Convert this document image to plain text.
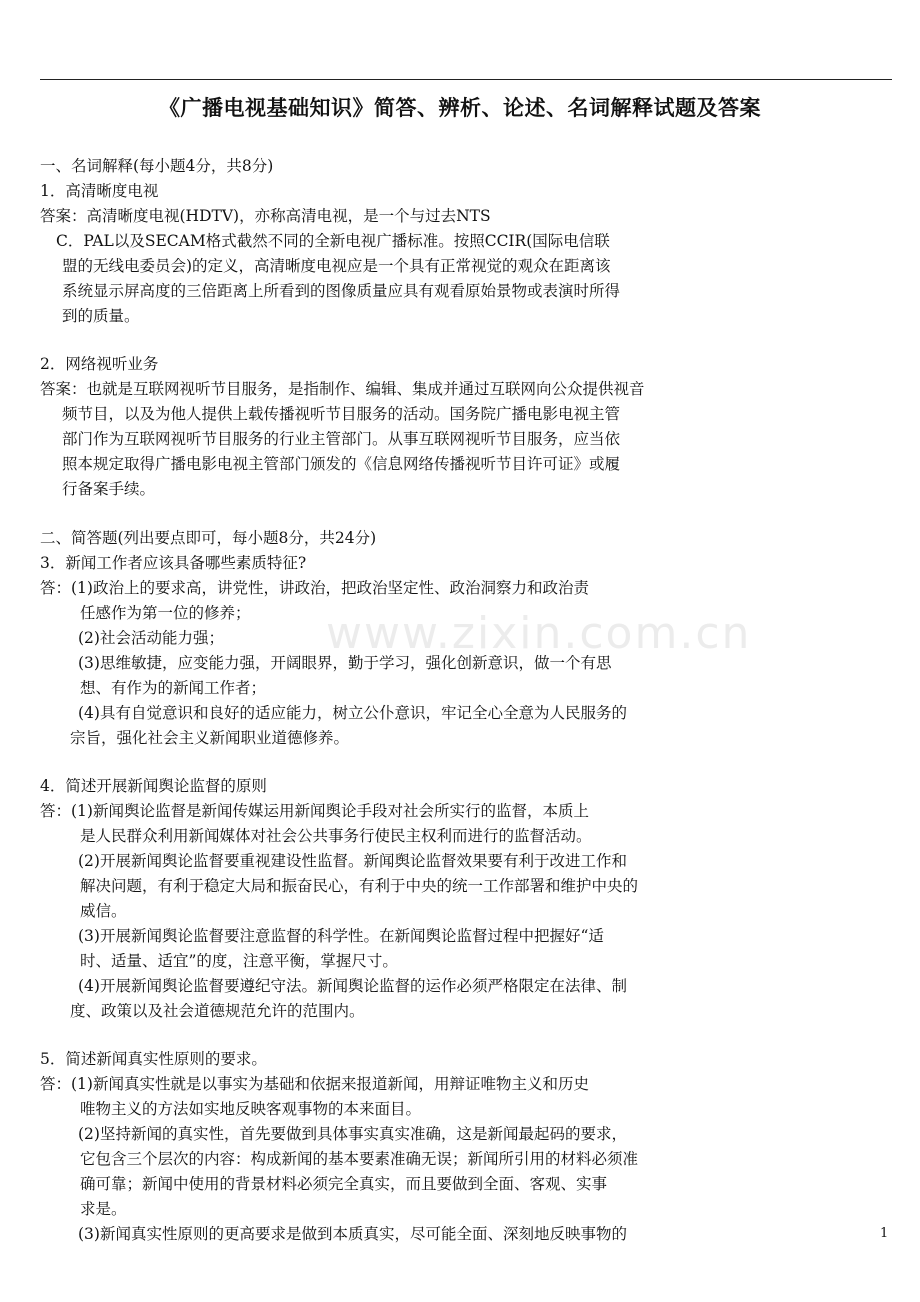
《广播电视基础知识》简答、辨析、论述、名词解释试题及答案
www.zixin.com.cn
一、名词解释(每小题4分，共8分)
1．高清晰度电视
答案：高清晰度电视(HDTV)，亦称高清电视，是一个与过去NTS
C．PAL以及SECAM格式截然不同的全新电视广播标准。按照CCIR(国际电信联
盟的无线电委员会)的定义，高清晰度电视应是一个具有正常视觉的观众在距离该
系统显示屏高度的三倍距离上所看到的图像质量应具有观看原始景物或表演时所得
到的质量。
2．网络视听业务
答案：也就是互联网视听节目服务，是指制作、编辑、集成并通过互联网向公众提供视音
频节目，以及为他人提供上载传播视听节目服务的活动。国务院广播电影电视主管
部门作为互联网视听节目服务的行业主管部门。从事互联网视听节目服务，应当依
照本规定取得广播电影电视主管部门颁发的《信息网络传播视听节目许可证》或履
行备案手续。
二、简答题(列出要点即可，每小题8分，共24分)
3．新闻工作者应该具备哪些素质特征?
答：(1)政治上的要求高，讲党性，讲政治，把政治坚定性、政治洞察力和政治责
任感作为第一位的修养；
(2)社会活动能力强；
(3)思维敏捷，应变能力强，开阔眼界，勤于学习，强化创新意识，做一个有思
想、有作为的新闻工作者；
(4)具有自觉意识和良好的适应能力，树立公仆意识，牢记全心全意为人民服务的
宗旨，强化社会主义新闻职业道德修养。
4．简述开展新闻舆论监督的原则
答：(1)新闻舆论监督是新闻传媒运用新闻舆论手段对社会所实行的监督，本质上
是人民群众利用新闻媒体对社会公共事务行使民主权利而进行的监督活动。
(2)开展新闻舆论监督要重视建设性监督。新闻舆论监督效果要有利于改进工作和
解决问题，有利于稳定大局和振奋民心，有利于中央的统一工作部署和维护中央的
威信。
(3)开展新闻舆论监督要注意监督的科学性。在新闻舆论监督过程中把握好“适
时、适量、适宜”的度，注意平衡，掌握尺寸。
(4)开展新闻舆论监督要遵纪守法。新闻舆论监督的运作必须严格限定在法律、制
度、政策以及社会道德规范允许的范围内。
5．简述新闻真实性原则的要求。
答：(1)新闻真实性就是以事实为基础和依据来报道新闻，用辩证唯物主义和历史
唯物主义的方法如实地反映客观事物的本来面目。
(2)坚持新闻的真实性，首先要做到具体事实真实准确，这是新闻最起码的要求，
它包含三个层次的内容：构成新闻的基本要素准确无误；新闻所引用的材料必须准
确可靠；新闻中使用的背景材料必须完全真实，而且要做到全面、客观、实事
求是。
(3)新闻真实性原则的更高要求是做到本质真实，尽可能全面、深刻地反映事物的	1
